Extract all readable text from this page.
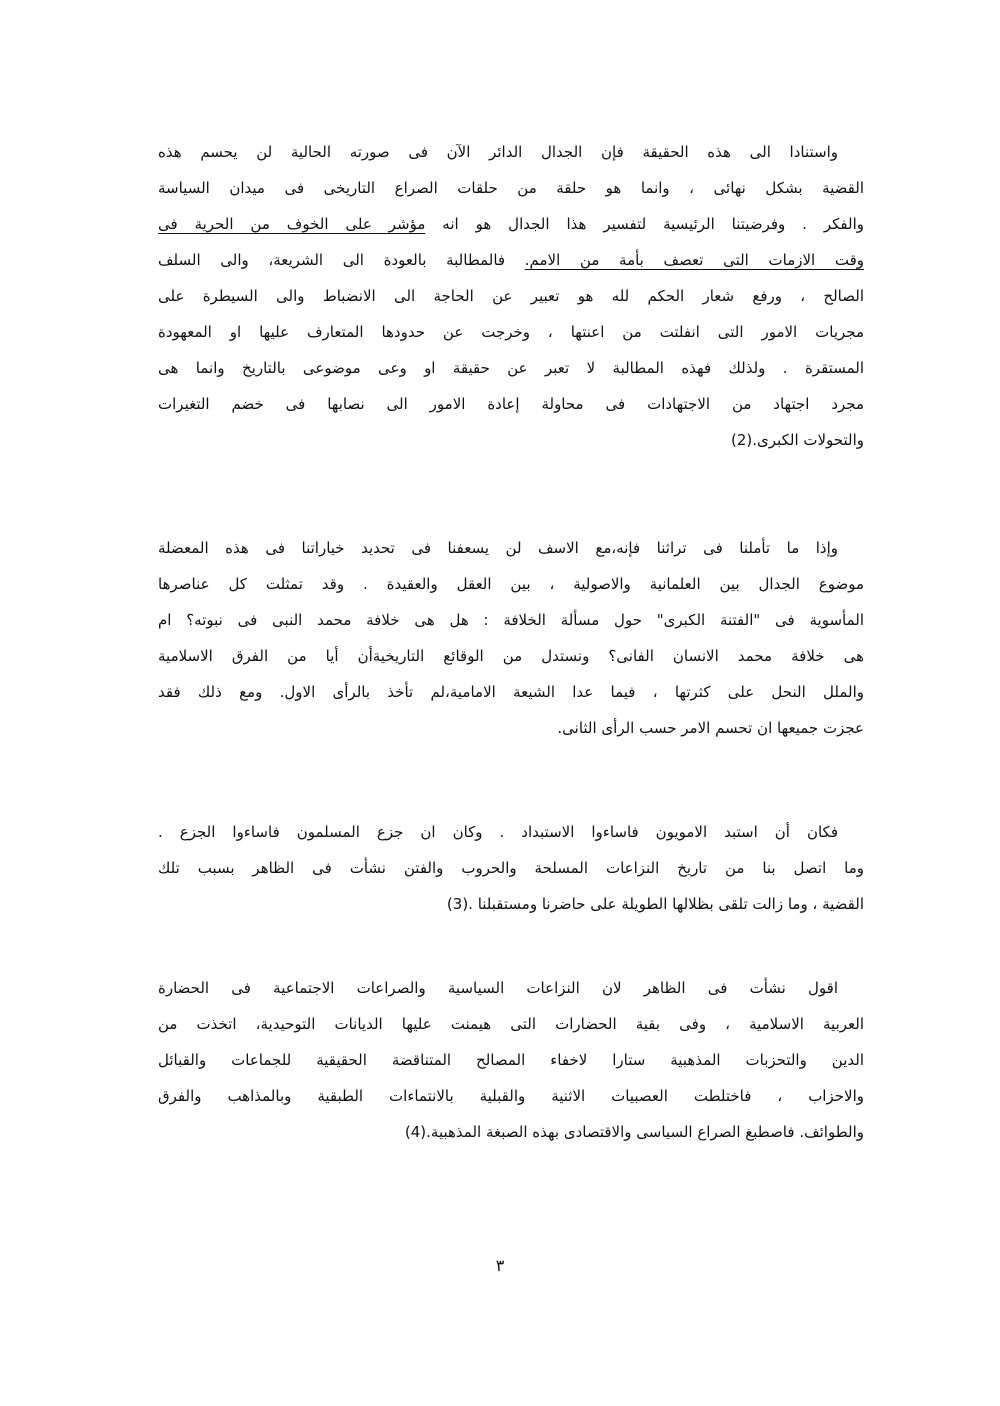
واستنادا الى هذه الحقيقة فإن الجدال الدائر الآن فى صورته الحالية لن يحسم هذه
القضية بشكل نهائى ، وانما هو حلقة من حلقات الصراع التاريخى فى ميدان السياسة
والفكر . وفرضيتنا الرئيسية لتفسير هذا الجدال هو انه مؤشر على الخوف من الحرية فى
وقت الازمات التى تعصف بأمة من الامم. فالمطالبة بالعودة الى الشريعة، والى السلف
الصالح ، ورفع شعار الحكم لله هو تعبير عن الحاجة الى الانضباط والى السيطرة على
مجريات الامور التى انفلتت من اعنتها ، وخرجت عن حدودها المتعارف عليها او المعهودة
المستقرة . ولذلك فهذه المطالبة لا تعبر عن حقيقة او وعى موضوعى بالتاريخ وانما هى
مجرد اجتهاد من الاجتهادات فى محاولة إعادة الامور الى نصابها فى خضم التغيرات
والتحولات الكبرى.(2)
وإذا ما تأملنا فى تراثنا فإنه،مع الاسف لن يسعفنا فى تحديد خياراتنا فى هذه المعضلة
موضوع الجدال بين العلمانية والاصولية ، بين العقل والعقيدة . وقد تمثلت كل عناصرها
المأسوية فى "الفتنة الكبرى" حول مسألة الخلافة : هل هى خلافة محمد النبى فى نبوته؟ ام
هى خلافة محمد الانسان الفانى؟ ونستدل من الوقائع التاريخيةأن أيا من الفرق الاسلامية
والملل النحل على كثرتها ، فيما عدا الشيعة الامامية،لم تأخذ بالرأى الاول. ومع ذلك فقد
عجزت جميعها ان تحسم الامر حسب الرأى الثانى.
فكان أن استبد الامويون فاساءوا الاستبداد . وكان ان جزع المسلمون فاساءوا الجزع .
وما اتصل بنا من تاريخ النزاعات المسلحة والحروب والفتن نشأت فى الظاهر بسبب تلك
القضية ، وما زالت تلقى بظلالها الطويلة على حاضرنا ومستقبلنا .(3)
اقول نشأت فى الظاهر لان النزاعات السياسية والصراعات الاجتماعية فى الحضارة
العربية الاسلامية ، وفى بقية الحضارات التى هيمنت عليها الديانات التوحيدية، اتخذت من
الدين والتحزبات المذهبية ستارا لاخفاء المصالح المتناقضة الحقيقية للجماعات والقبائل
والاحزاب ، فاختلطت العصبيات الاثنية والقبلية بالانتماءات الطبقية وبالمذاهب والفرق
والطوائف. فاصطبغ الصراع السياسى والاقتصادى بهذه الصبغة المذهبية.(4)
٣
